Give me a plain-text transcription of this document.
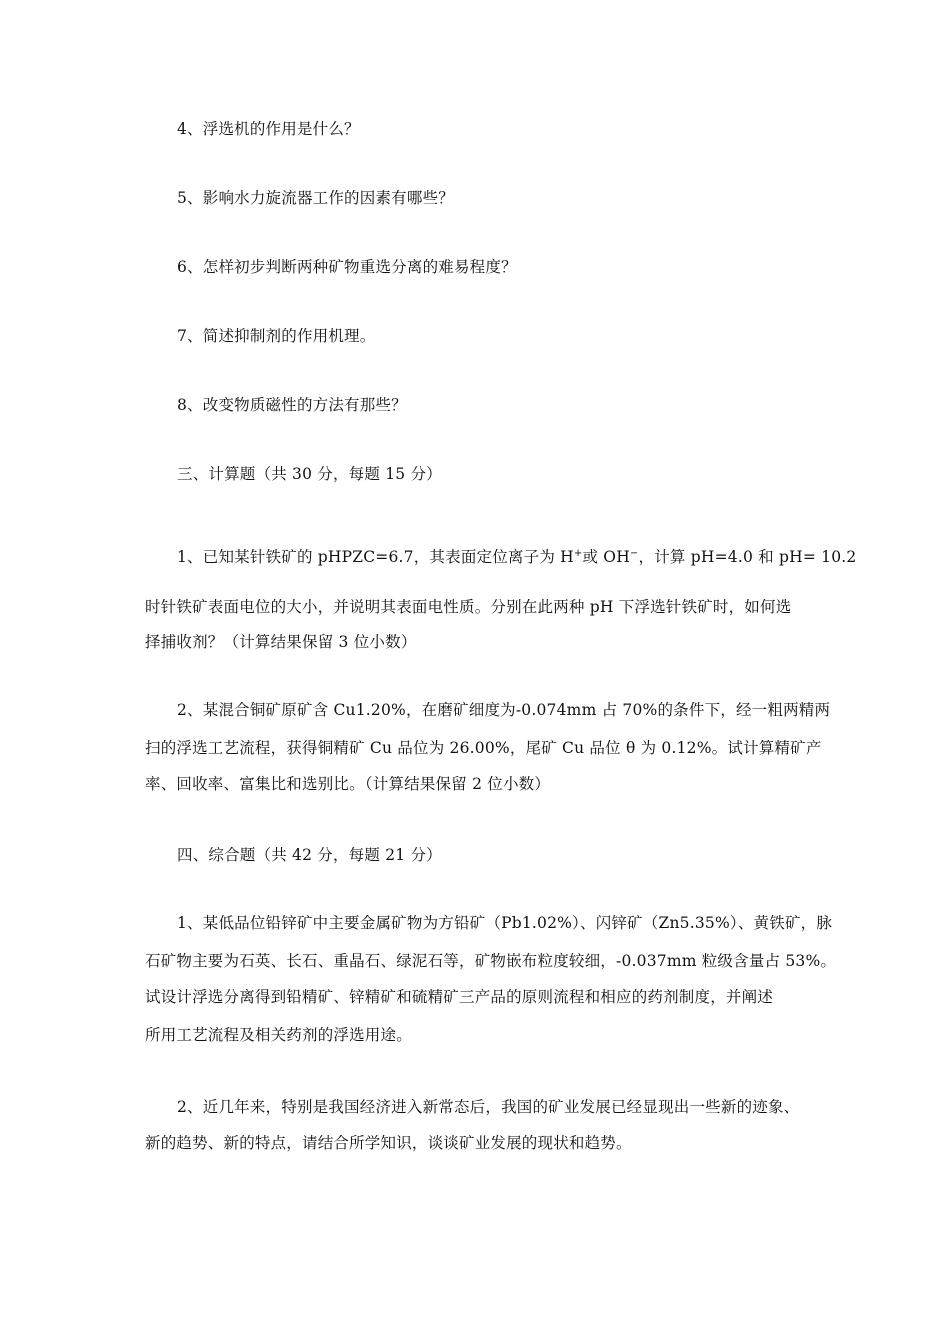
4、浮选机的作用是什么？
5、影响水力旋流器工作的因素有哪些？
6、怎样初步判断两种矿物重选分离的难易程度？
7、简述抑制剂的作用机理。
8、改变物质磁性的方法有那些？
三、计算题（共 30 分，每题 15 分）
1、已知某针铁矿的 pHPZC=6.7，其表面定位离子为 H+或 OH−，计算 pH=4.0 和 pH= 10.2
时针铁矿表面电位的大小，并说明其表面电性质。分别在此两种 pH 下浮选针铁矿时，如何选
择捕收剂？（计算结果保留 3 位小数）
2、某混合铜矿原矿含 Cu1.20%，在磨矿细度为-0.074mm 占 70%的条件下，经一粗两精两
扫的浮选工艺流程，获得铜精矿 Cu 品位为 26.00%，尾矿 Cu 品位 θ 为 0.12%。试计算精矿产
率、回收率、富集比和选别比。（计算结果保留 2 位小数）
四、综合题（共 42 分，每题 21 分）
1、某低品位铅锌矿中主要金属矿物为方铅矿（Pb1.02%）、闪锌矿（Zn5.35%）、黄铁矿，脉
石矿物主要为石英、长石、重晶石、绿泥石等，矿物嵌布粒度较细，-0.037mm 粒级含量占 53%。
试设计浮选分离得到铅精矿、锌精矿和硫精矿三产品的原则流程和相应的药剂制度，并阐述
所用工艺流程及相关药剂的浮选用途。
2、近几年来，特别是我国经济进入新常态后，我国的矿业发展已经显现出一些新的迹象、
新的趋势、新的特点，请结合所学知识，谈谈矿业发展的现状和趋势。
